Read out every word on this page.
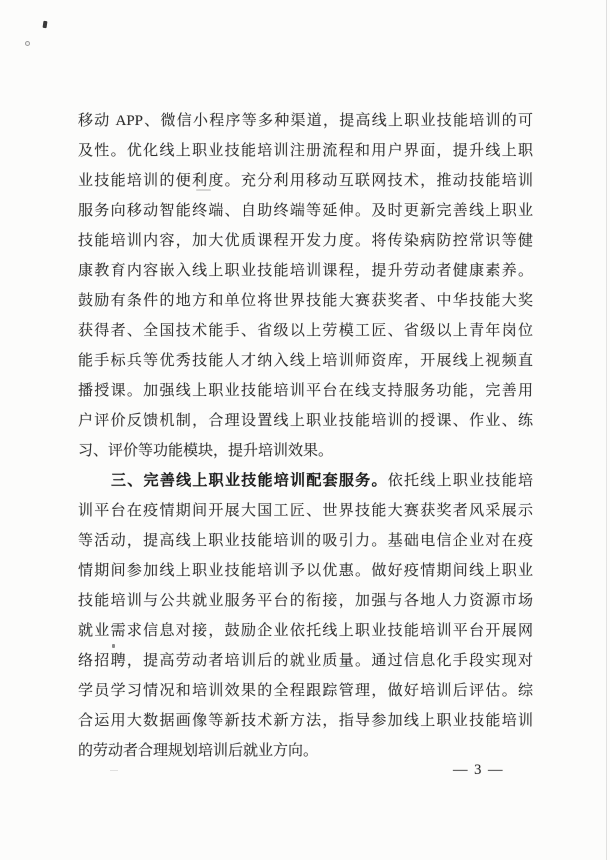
移动 APP、微信小程序等多种渠道，提高线上职业技能培训的可
及性。优化线上职业技能培训注册流程和用户界面，提升线上职
业技能培训的便利度。充分利用移动互联网技术，推动技能培训
服务向移动智能终端、自助终端等延伸。及时更新完善线上职业
技能培训内容，加大优质课程开发力度。将传染病防控常识等健
康教育内容嵌入线上职业技能培训课程，提升劳动者健康素养。
鼓励有条件的地方和单位将世界技能大赛获奖者、中华技能大奖
获得者、全国技术能手、省级以上劳模工匠、省级以上青年岗位
能手标兵等优秀技能人才纳入线上培训师资库，开展线上视频直
播授课。加强线上职业技能培训平台在线支持服务功能，完善用
户评价反馈机制，合理设置线上职业技能培训的授课、作业、练
习、评价等功能模块，提升培训效果。
三、完善线上职业技能培训配套服务。依托线上职业技能培
训平台在疫情期间开展大国工匠、世界技能大赛获奖者风采展示
等活动，提高线上职业技能培训的吸引力。基础电信企业对在疫
情期间参加线上职业技能培训予以优惠。做好疫情期间线上职业
技能培训与公共就业服务平台的衔接，加强与各地人力资源市场
就业需求信息对接，鼓励企业依托线上职业技能培训平台开展网
络招聘，提高劳动者培训后的就业质量。通过信息化手段实现对
学员学习情况和培训效果的全程跟踪管理，做好培训后评估。综
合运用大数据画像等新技术新方法，指导参加线上职业技能培训
的劳动者合理规划培训后就业方向。
— 3 —
